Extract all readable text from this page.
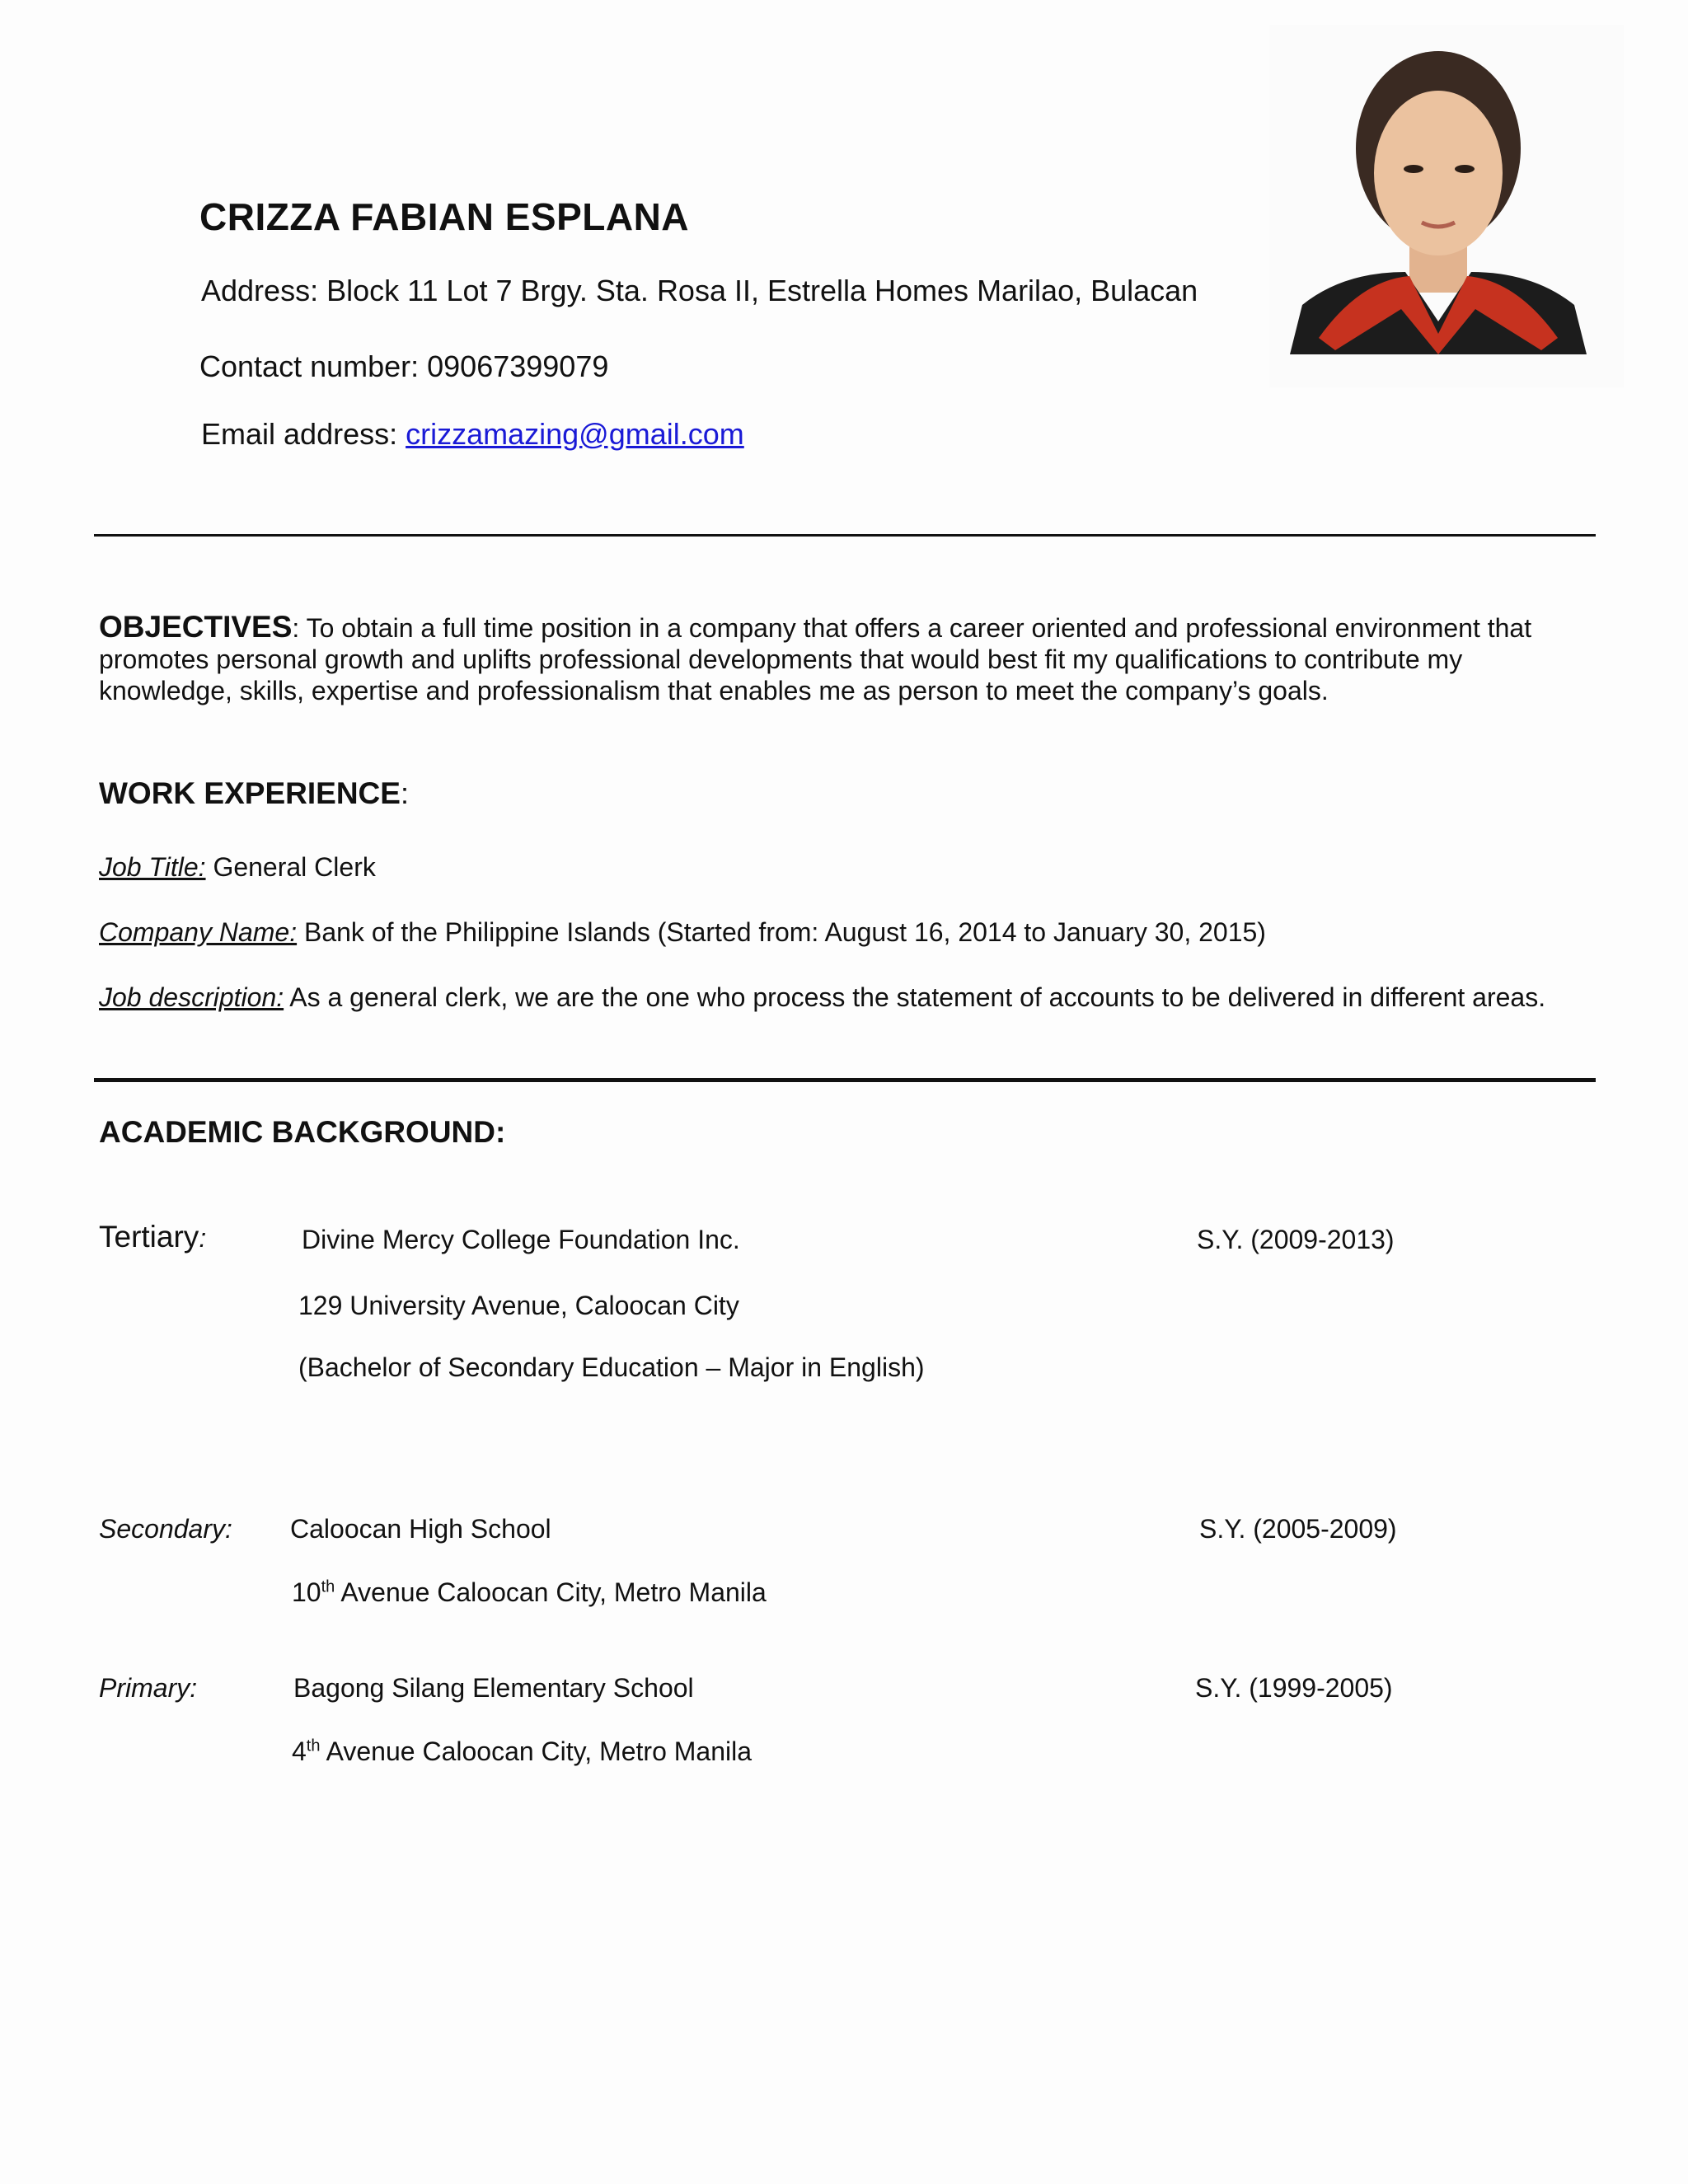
CRIZZA FABIAN ESPLANA
Address: Block 11 Lot 7 Brgy. Sta. Rosa II, Estrella Homes Marilao, Bulacan
Contact number: 09067399079
Email address: crizzamazing@gmail.com
OBJECTIVES: To obtain a full time position in a company that offers a career oriented and professional environment that promotes personal growth and uplifts professional developments that would best fit my qualifications to contribute my knowledge, skills, expertise and professionalism that enables me as person to meet the company’s goals.
WORK EXPERIENCE:
Job Title: General Clerk
Company Name: Bank of the Philippine Islands (Started from: August 16, 2014 to January 30, 2015)
Job description: As a general clerk, we are the one who process the statement of accounts to be delivered in different areas.
ACADEMIC BACKGROUND:
Tertiary:	Divine Mercy College Foundation Inc.	S.Y. (2009-2013)
129 University Avenue, Caloocan City
(Bachelor of Secondary Education – Major in English)
Secondary: Caloocan High School	S.Y. (2005-2009)
10th Avenue Caloocan City, Metro Manila
Primary:	Bagong Silang Elementary School	S.Y. (1999-2005)
4th Avenue Caloocan City, Metro Manila
